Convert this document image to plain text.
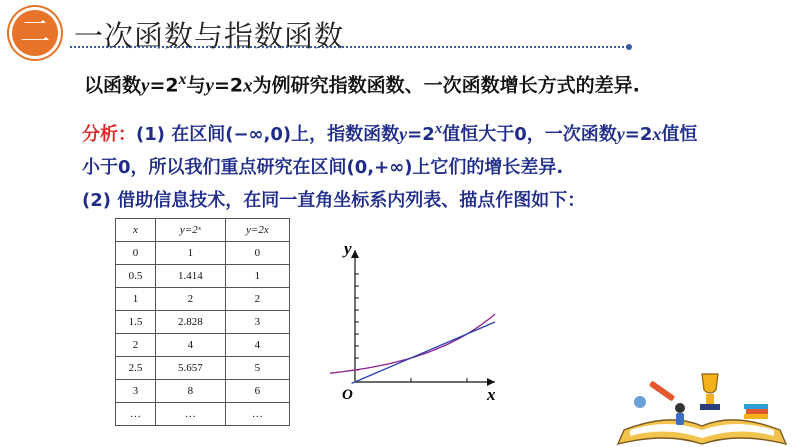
二 一次函数与指数函数
以函数$y=2^x$与y=2x为例研究指数函数、一次函数增长方式的差异.
分析：(1) 在区间(−∞,0)上，指数函数$y=2^x$值恒大于0，一次函数y=2x值恒
小于0，所以我们重点研究在区间(0,+∞)上它们的增长差异.
(2) 借助信息技术，在同一直角坐标系内列表、描点作图如下：
x	y=2ˣ	y=2x
0	1	0
0.5	1.414	1
1	2	2
1.5	2.828	3
2	4	4
2.5	5.657	5
3	8	6
…	…	…
y
x
O
